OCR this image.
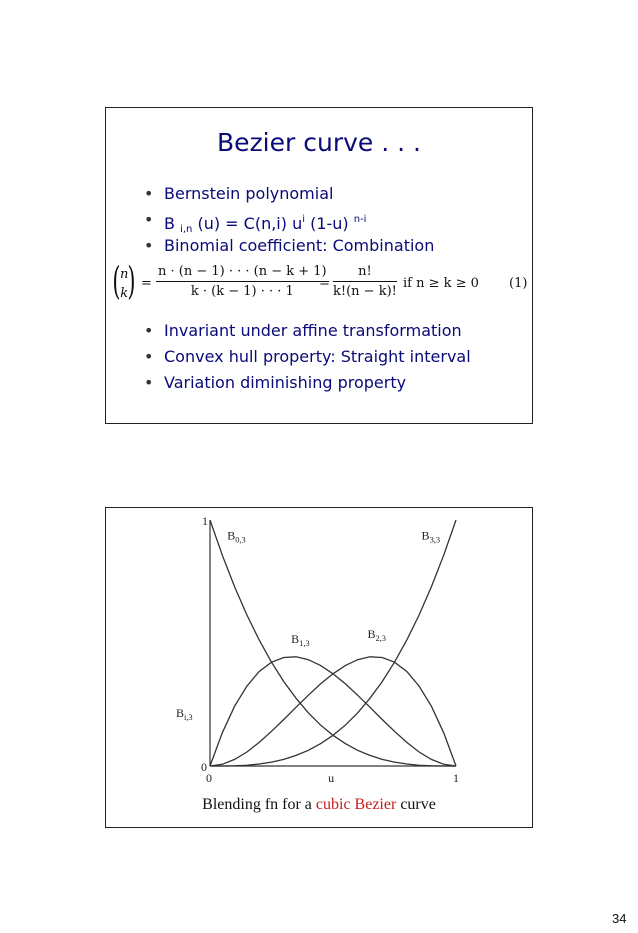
Bezier curve . . .
• Bernstein polynomial
• B $_{i,n}$ (u) = C(n,i) $u^i$ (1-u) $^{n-i}$
• Binomial coefficient: Combination
( n
k ) = $\frac{n \cdot (n - 1) \cdot \cdot \cdot (n - k + 1)}{k \cdot (k - 1) \cdot \cdot \cdot 1}$
= $\frac{n!}{k!(n - k)!}$ if n ≥ k ≥ 0 (1)
• Invariant under affine transformation
• Convex hull property: Straight interval
• Variation diminishing property
1
0
0	1
u
$B_{i,3}$
$B_{0,3}$
$B_{1,3}$
$B_{2,3}$
$B_{3,3}$
Blending fn for a cubic Bezier curve
34
